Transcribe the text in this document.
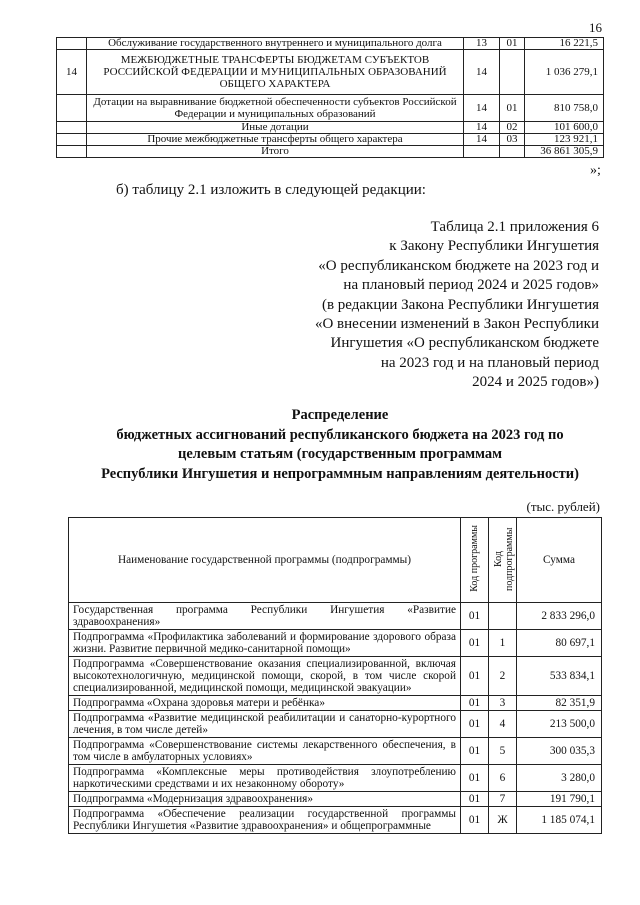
16
	Обслуживание государственного внутреннего и муниципального долга	13	01	16 221,5
14	МЕЖБЮДЖЕТНЫЕ ТРАНСФЕРТЫ БЮДЖЕТАМ СУБЪЕКТОВ РОССИЙСКОЙ ФЕДЕРАЦИИ И МУНИЦИПАЛЬНЫХ ОБРАЗОВАНИЙ ОБЩЕГО ХАРАКТЕРА	14		1 036 279,1
	Дотации на выравнивание бюджетной обеспеченности субъектов Российской Федерации и муниципальных образований	14	01	810 758,0
	Иные дотации	14	02	101 600,0
	Прочие межбюджетные трансферты общего характера	14	03	123 921,1
	Итого			36 861 305,9
»;
б) таблицу 2.1 изложить в следующей редакции:
Таблица 2.1 приложения 6
к Закону Республики Ингушетия
«О республиканском бюджете на 2023 год и
на плановый период 2024 и 2025 годов»
(в редакции Закона Республики Ингушетия
«О внесении изменений в Закон Республики
Ингушетия «О республиканском бюджете
на 2023 год и на плановый период
2024 и 2025 годов»)
Распределение
бюджетных ассигнований республиканского бюджета на 2023 год по
целевым статьям (государственным программам
Республики Ингушетия и непрограммным направлениям деятельности)
(тыс. рублей)
Наименование государственной программы (подпрограммы)	Код программы	Код подпрограммы	Сумма
Государственная программа Республики Ингушетия «Развитие здравоохранения»	01		2 833 296,0
Подпрограмма «Профилактика заболеваний и формирование здорового образа жизни. Развитие первичной медико-санитарной помощи»	01	1	80 697,1
Подпрограмма «Совершенствование оказания специализированной, включая высокотехнологичную, медицинской помощи, скорой, в том числе скорой специализированной, медицинской помощи, медицинской эвакуации»	01	2	533 834,1
Подпрограмма «Охрана здоровья матери и ребёнка»	01	3	82 351,9
Подпрограмма «Развитие медицинской реабилитации и санаторно-курортного лечения, в том числе детей»	01	4	213 500,0
Подпрограмма «Совершенствование системы лекарственного обеспечения, в том числе в амбулаторных условиях»	01	5	300 035,3
Подпрограмма «Комплексные меры противодействия злоупотреблению наркотическими средствами и их незаконному обороту»	01	6	3 280,0
Подпрограмма «Модернизация здравоохранения»	01	7	191 790,1
Подпрограмма «Обеспечение реализации государственной программы Республики Ингушетия «Развитие здравоохранения» и общепрограммные	01	Ж	1 185 074,1
